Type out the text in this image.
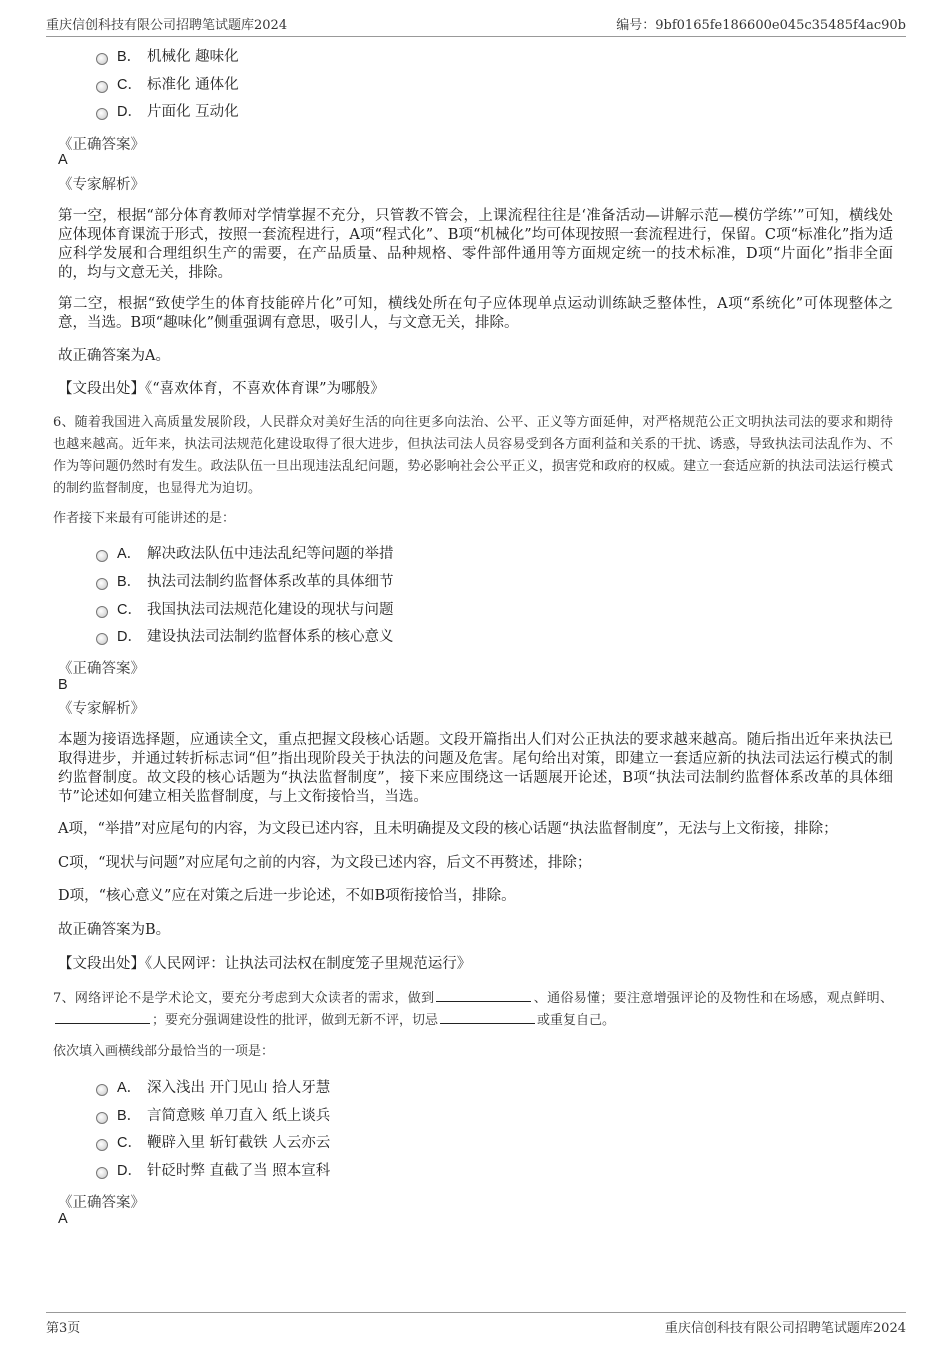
重庆信创科技有限公司招聘笔试题库2024	编号：9bf0165fe186600e045c35485f4ac90b
B． 机械化 趣味化
C． 标准化 通体化
D． 片面化 互动化
《正确答案》
A
《专家解析》
第一空，根据“部分体育教师对学情掌握不充分，只管教不管会，上课流程往往是‘准备活动—讲解示范—模仿学练’”可知，横线处应体现体育课流于形式，按照一套流程进行，A项“程式化”、B项“机械化”均可体现按照一套流程进行，保留。C项“标准化”指为适应科学发展和合理组织生产的需要，在产品质量、品种规格、零件部件通用等方面规定统一的技术标准，D项“片面化”指非全面的，均与文意无关，排除。
第二空，根据“致使学生的体育技能碎片化”可知，横线处所在句子应体现单点运动训练缺乏整体性，A项“系统化”可体现整体之意，当选。B项“趣味化”侧重强调有意思，吸引人，与文意无关，排除。
故正确答案为A。
【文段出处】《“喜欢体育，不喜欢体育课”为哪般》
6、随着我国进入高质量发展阶段，人民群众对美好生活的向往更多向法治、公平、正义等方面延伸，对严格规范公正文明执法司法的要求和期待也越来越高。近年来，执法司法规范化建设取得了很大进步，但执法司法人员容易受到各方面利益和关系的干扰、诱惑，导致执法司法乱作为、不作为等问题仍然时有发生。政法队伍一旦出现违法乱纪问题，势必影响社会公平正义，损害党和政府的权威。建立一套适应新的执法司法运行模式的制约监督制度，也显得尤为迫切。
作者接下来最有可能讲述的是：
A． 解决政法队伍中违法乱纪等问题的举措
B． 执法司法制约监督体系改革的具体细节
C． 我国执法司法规范化建设的现状与问题
D． 建设执法司法制约监督体系的核心意义
《正确答案》
B
《专家解析》
本题为接语选择题，应通读全文，重点把握文段核心话题。文段开篇指出人们对公正执法的要求越来越高。随后指出近年来执法已取得进步，并通过转折标志词“但”指出现阶段关于执法的问题及危害。尾句给出对策，即建立一套适应新的执法司法运行模式的制约监督制度。故文段的核心话题为“执法监督制度”，接下来应围绕这一话题展开论述，B项“执法司法制约监督体系改革的具体细节”论述如何建立相关监督制度，与上文衔接恰当，当选。
A项，“举措”对应尾句的内容，为文段已述内容，且未明确提及文段的核心话题“执法监督制度”，无法与上文衔接，排除；
C项，“现状与问题”对应尾句之前的内容，为文段已述内容，后文不再赘述，排除；
D项，“核心意义”应在对策之后进一步论述，不如B项衔接恰当，排除。
故正确答案为B。
【文段出处】《人民网评：让执法司法权在制度笼子里规范运行》
7、网络评论不是学术论文，要充分考虑到大众读者的需求，做到	、通俗易懂；要注意增强评论的及物性和在场感，观点鲜明、；要充分强调建设性的批评，做到无新不评，切忌	或重复自己。
依次填入画横线部分最恰当的一项是：
A． 深入浅出 开门见山 拾人牙慧
B． 言简意赅 单刀直入 纸上谈兵
C． 鞭辟入里 斩钉截铁 人云亦云
D． 针砭时弊 直截了当 照本宣科
《正确答案》
A
第3页	重庆信创科技有限公司招聘笔试题库2024
